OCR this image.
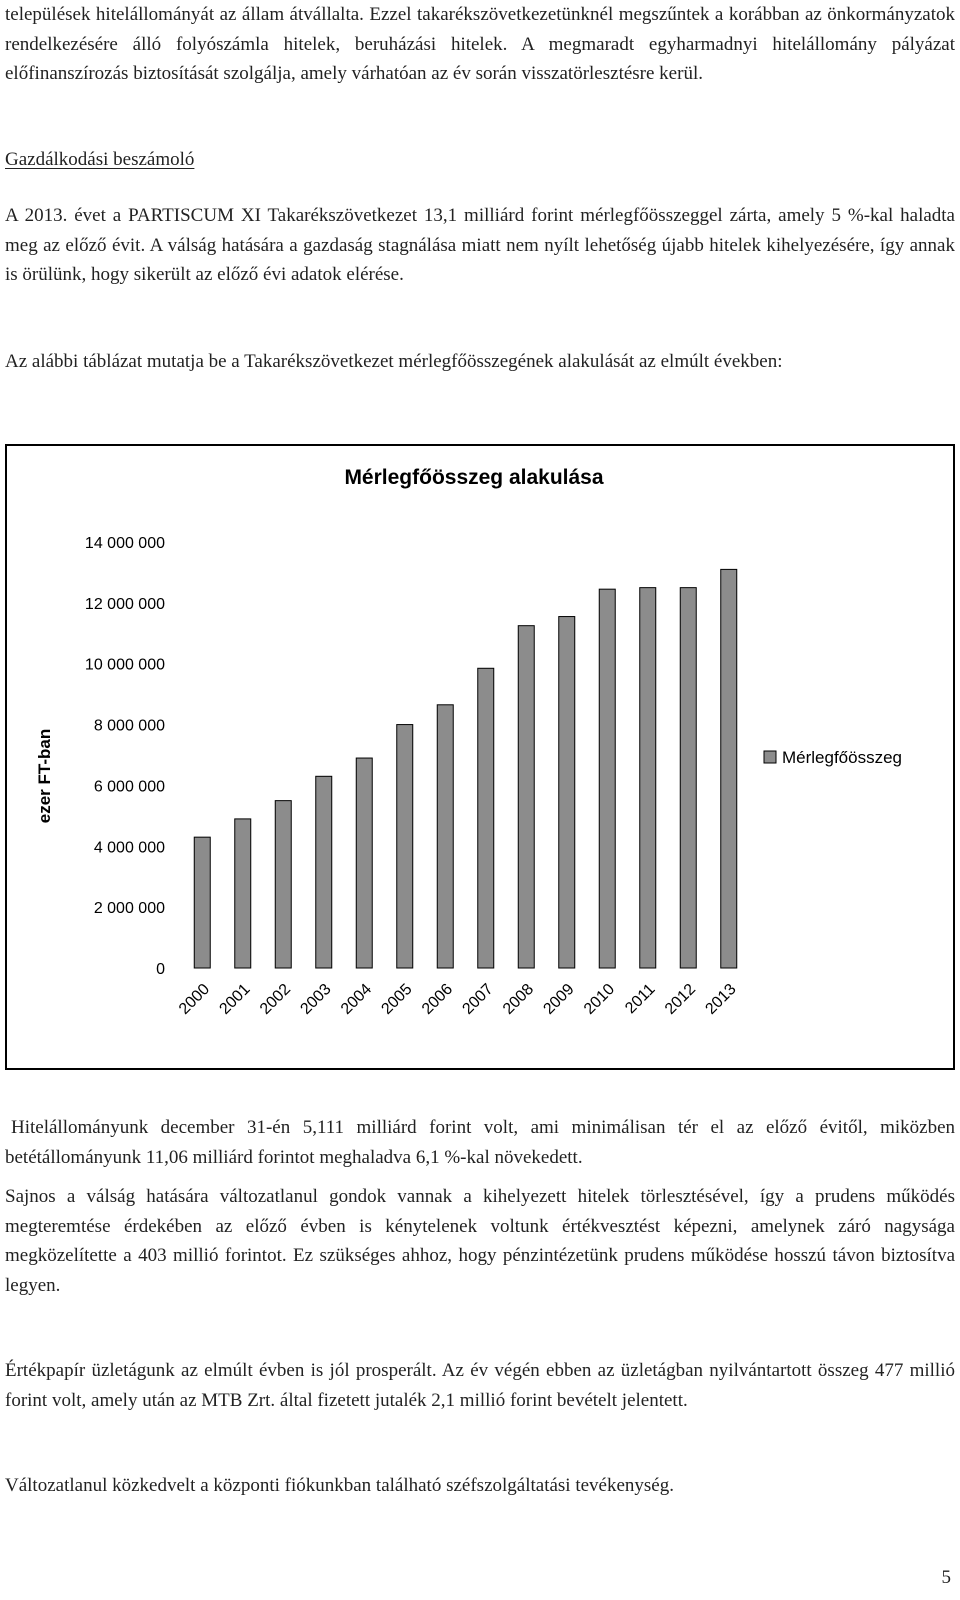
települések hitelállományát az állam átvállalta. Ezzel takarékszövetkezetünknél megszűntek a korábban az önkormányzatok rendelkezésére álló folyószámla hitelek, beruházási hitelek. A megmaradt egyharmadnyi hitelállomány pályázat előfinanszírozás biztosítását szolgálja, amely várhatóan az év során visszatörlesztésre kerül.

Gazdálkodási beszámoló

A 2013. évet a PARTISCUM XI Takarékszövetkezet 13,1 milliárd forint mérlegfőösszeggel zárta, amely 5 %-kal haladta meg az előző évit. A válság hatására a gazdaság stagnálása miatt nem nyílt lehetőség újabb hitelek kihelyezésére, így annak is örülünk, hogy sikerült az előző évi adatok elérése.

Az alábbi táblázat mutatja be a Takarékszövetkezet mérlegfőösszegének alakulását az elmúlt években:

Hitelállományunk december 31-én 5,111 milliárd forint volt, ami minimálisan tér el az előző évitől, miközben betétállományunk 11,06 milliárd forintot meghaladva 6,1 %-kal növekedett.

Sajnos a válság hatására változatlanul gondok vannak a kihelyezett hitelek törlesztésével, így a prudens működés megteremtése érdekében az előző évben is kénytelenek voltunk értékvesztést képezni, amelynek záró nagysága megközelítette a 403 millió forintot. Ez szükséges ahhoz, hogy pénzintézetünk prudens működése hosszú távon biztosítva legyen.

Értékpapír üzletágunk az elmúlt évben is jól prosperált. Az év végén ebben az üzletágban nyilvántartott összeg 477 millió forint volt, amely után az MTB Zrt. által fizetett jutalék 2,1 millió forint bevételt jelentett.

Változatlanul közkedvelt a központi fiókunkban található széfszolgáltatási tevékenység.

5
Mérlegfőösszeg alakulása
ezer FT-ban
0
2 000 000
4 000 000
6 000 000
8 000 000
10 000 000
12 000 000
14 000 000
2000 2001 2002 2003 2004 2005 2006 2007 2008 2009 2010 2011 2012 2013
Mérlegfőösszeg
